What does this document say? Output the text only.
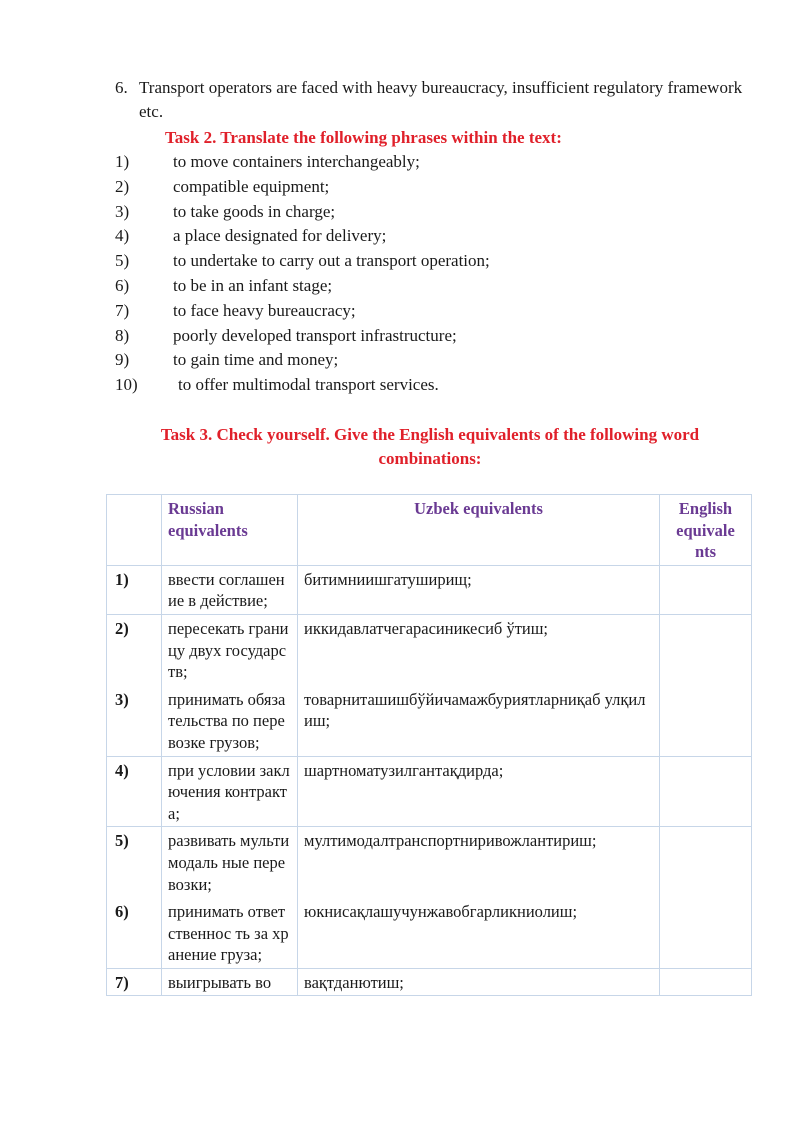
6. Transport operators are faced with heavy bureaucracy, insufficient regulatory framework etc.
Task 2. Translate the following phrases within the text:
1)	to move containers interchangeably;
2)	compatible equipment;
3)	to take goods in charge;
4)	a place designated for delivery;
5)	to undertake to carry out a transport operation;
6)	to be in an infant stage;
7)	to face heavy bureaucracy;
8)	poorly developed transport infrastructure;
9)	to gain time and money;
10) to offer multimodal transport services.
Task 3. Check yourself. Give the English equivalents of the following word combinations:
	Russian equivalents	Uzbek equivalents	English equivale nts
1)	ввести соглашение в действие;	битимниишгатуширищ;	
2)	пересекать границу двух государств;	иккидавлатчегарасиникесиб ўтиш;	
3)	принимать обязательства по перевозке грузов;	товарниташишбўйичамажбуриятларниқаб улқилиш;	
4)	при условии заключения контракта;	шартноматузилгантақдирда;	
5)	развивать мультимодаль ные перевозки;	мултимодалтранспортниривожлантириш;	
6)	принимать ответственнос ть за хранение груза;	юкнисақлашучунжавобгарликниолиш;	
7)	выигрывать во	вақтданютиш;	
